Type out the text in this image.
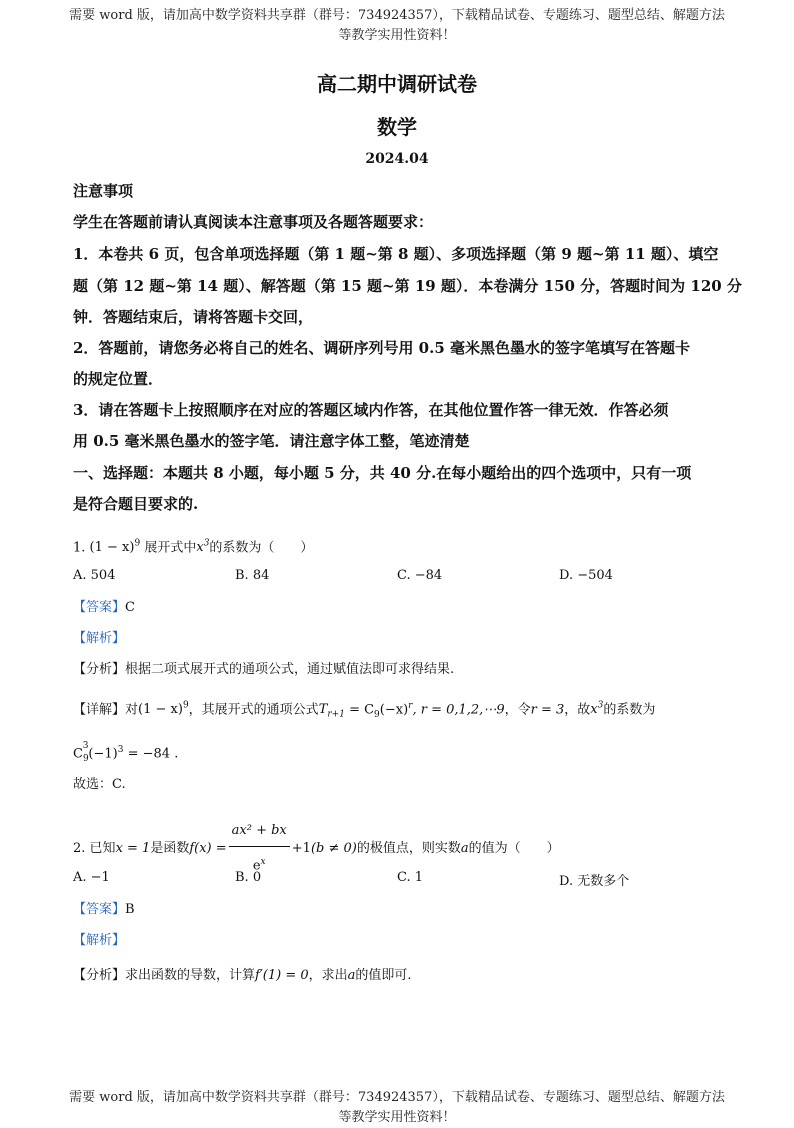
需要 word 版，请加高中数学资料共享群（群号：734924357），下载精品试卷、专题练习、题型总结、解题方法
等教学实用性资料！
高二期中调研试卷
数学
2024.04
注意事项
学生在答题前请认真阅读本注意事项及各题答题要求：
1．本卷共 6 页，包含单项选择题（第 1 题~第 8 题）、多项选择题（第 9 题~第 11 题）、填空
题（第 12 题~第 14 题）、解答题（第 15 题~第 19 题）．本卷满分 150 分，答题时间为 120 分
钟．答题结束后，请将答题卡交回，
2．答题前，请您务必将自己的姓名、调研序列号用 0.5 毫米黑色墨水的签字笔填写在答题卡
的规定位置．
3．请在答题卡上按照顺序在对应的答题区域内作答，在其他位置作答一律无效．作答必须
用 0.5 毫米黑色墨水的签字笔．请注意字体工整，笔迹清楚
一、选择题：本题共 8 小题，每小题 5 分，共 40 分.在每小题给出的四个选项中，只有一项
是符合题目要求的.
1. $(1 - x)^9$ 展开式中$x^3$的系数为（　　）
A. 504	B. 84	C. −84	D. −504
【答案】C
【解析】
【分析】根据二项式展开式的通项公式，通过赋值法即可求得结果.
【详解】对$(1 - x)^9$，其展开式的通项公式$T_{r+1} = C_9(-x)^r$, r = 0,1,2,⋯9，令r = 3，故$x^3$的系数为
$C_9^3(-1)^3 = -84$ .
故选：C.
2. 已知x = 1是函数$f(x) = \frac{\text{ax² + bx}}{e^x} +1(b \ne 0)$的极值点，则实数a的值为（　　）
A. −1	B. 0	C. 1	D. 无数多个
【答案】B
【解析】
【分析】求出函数的导数，计算f′(1) = 0，求出a的值即可.
需要 word 版，请加高中数学资料共享群（群号：734924357），下载精品试卷、专题练习、题型总结、解题方法
等教学实用性资料！
